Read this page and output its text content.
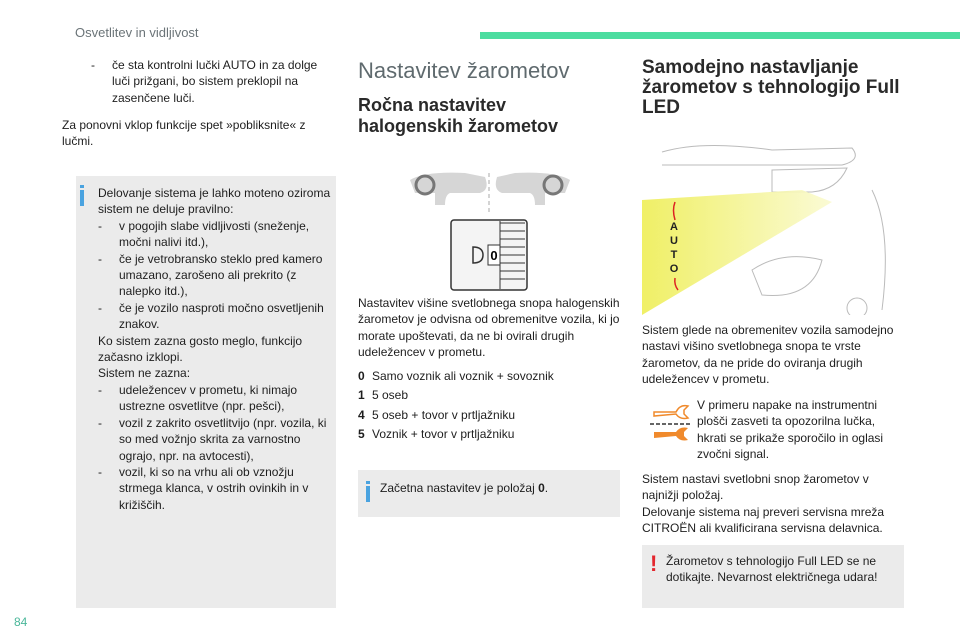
Osvetlitev in vidljivost
84
-	če sta kontrolni lučki AUTO in za dolge luči prižgani, bo sistem preklopil na zasenčene luči.
Za ponovni vklop funkcije spet »pobliksnite« z lučmi.
Delovanje sistema je lahko moteno oziroma sistem ne deluje pravilno:
-	v pogojih slabe vidljivosti (sneženje, močni nalivi itd.),
-	če je vetrobransko steklo pred kamero umazano, zarošeno ali prekrito (z nalepko itd.),
-	če je vozilo nasproti močno osvetljenih znakov.
Ko sistem zazna gosto meglo, funkcijo začasno izklopi.
Sistem ne zazna:
-	udeležencev v prometu, ki nimajo ustrezne osvetlitve (npr. pešci),
-	vozil z zakrito osvetlitvijo (npr. vozila, ki so med vožnjo skrita za varnostno ograjo, npr. na avtocesti),
-	vozil, ki so na vrhu ali ob vznožju strmega klanca, v ostrih ovinkih in v križiščih.
Nastavitev žarometov
Ročna nastavitev halogenskih žarometov
0
Nastavitev višine svetlobnega snopa halogenskih žarometov je odvisna od obremenitve vozila, ki jo morate upoštevati, da ne bi ovirali drugih udeležencev v prometu.
0 Samo voznik ali voznik + sovoznik
1 5 oseb
4 5 oseb + tovor v prtljažniku
5 Voznik + tovor v prtljažniku
Začetna nastavitev je položaj 0.
Samodejno nastavljanje žarometov s tehnologijo Full LED
A
U
T
O
Sistem glede na obremenitev vozila samodejno nastavi višino svetlobnega snopa te vrste žarometov, da ne pride do oviranja drugih udeležencev v prometu.
V primeru napake na instrumentni plošči zasveti ta opozorilna lučka, hkrati se prikaže sporočilo in oglasi zvočni signal.
Sistem nastavi svetlobni snop žarometov v najnižji položaj.
Delovanje sistema naj preveri servisna mreža CITROËN ali kvalificirana servisna delavnica.
! Žarometov s tehnologijo Full LED se ne dotikajte. Nevarnost električnega udara!
